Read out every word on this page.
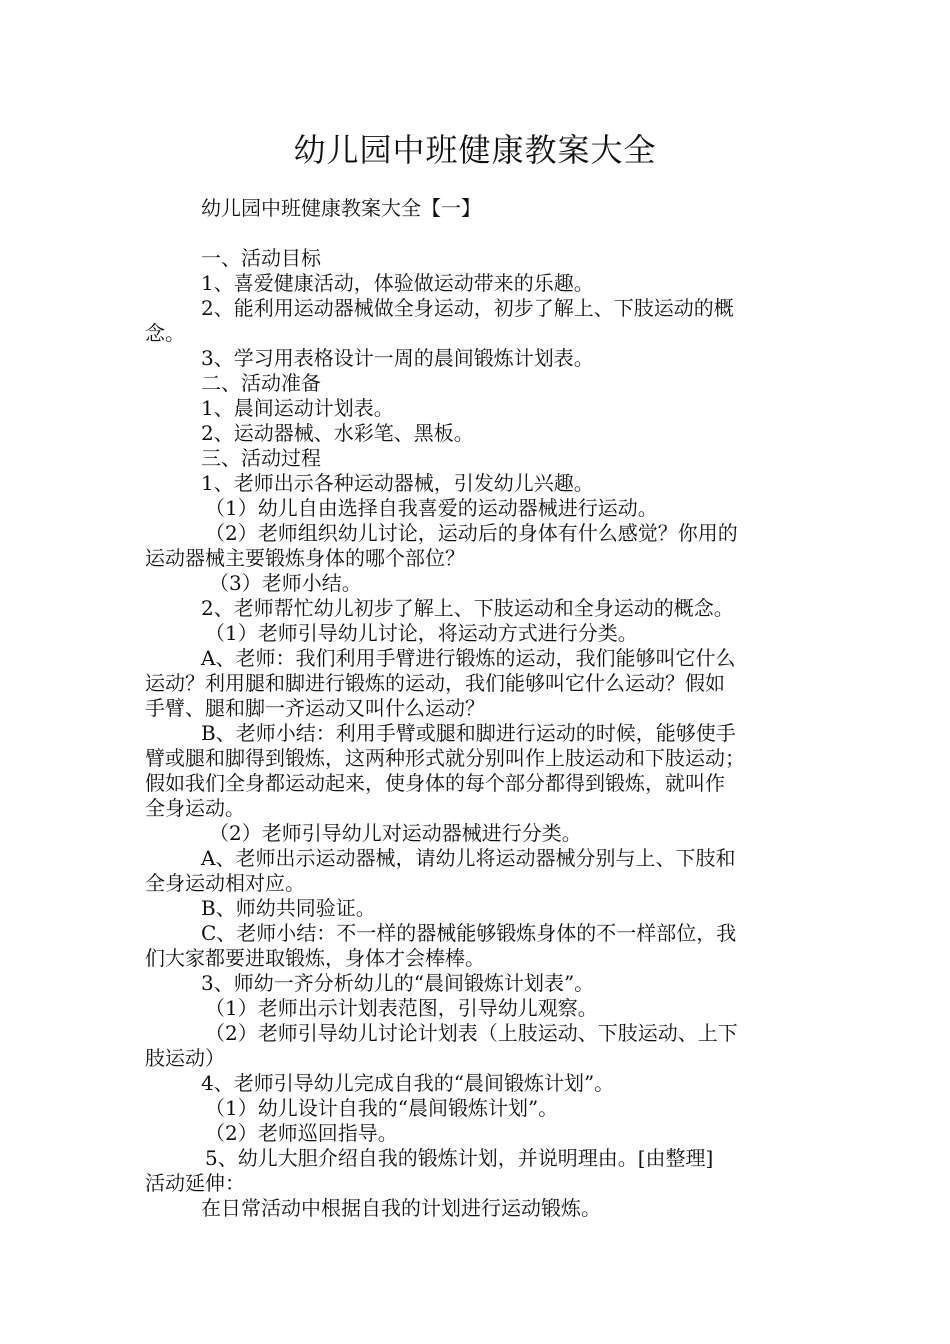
幼儿园中班健康教案大全

幼儿园中班健康教案大全【一】

一、活动目标

1、喜爱健康活动，体验做运动带来的乐趣。

2、能利用运动器械做全身运动，初步了解上、下肢运动的概

念。

3、学习用表格设计一周的晨间锻炼计划表。

二、活动准备

1、晨间运动计划表。

2、运动器械、水彩笔、黑板。

三、活动过程

1、老师出示各种运动器械，引发幼儿兴趣。

（1）幼儿自由选择自我喜爱的运动器械进行运动。

（2）老师组织幼儿讨论，运动后的身体有什么感觉？你用的

运动器械主要锻炼身体的哪个部位？

（3）老师小结。

2、老师帮忙幼儿初步了解上、下肢运动和全身运动的概念。

（1）老师引导幼儿讨论，将运动方式进行分类。

A、老师：我们利用手臂进行锻炼的运动，我们能够叫它什么

运动？利用腿和脚进行锻炼的运动，我们能够叫它什么运动？假如

手臂、腿和脚一齐运动又叫什么运动？

B、老师小结：利用手臂或腿和脚进行运动的时候，能够使手

臂或腿和脚得到锻炼，这两种形式就分别叫作上肢运动和下肢运动；

假如我们全身都运动起来，使身体的每个部分都得到锻炼，就叫作

全身运动。

（2）老师引导幼儿对运动器械进行分类。

A、老师出示运动器械，请幼儿将运动器械分别与上、下肢和

全身运动相对应。

B、师幼共同验证。

C、老师小结：不一样的器械能够锻炼身体的不一样部位，我

们大家都要进取锻炼，身体才会棒棒。

3、师幼一齐分析幼儿的“晨间锻炼计划表”。

（1）老师出示计划表范图，引导幼儿观察。

（2）老师引导幼儿讨论计划表（上肢运动、下肢运动、上下

肢运动）

4、老师引导幼儿完成自我的“晨间锻炼计划”。

（1）幼儿设计自我的“晨间锻炼计划”。

（2）老师巡回指导。

5、幼儿大胆介绍自我的锻炼计划，并说明理由。[由整理]

活动延伸：

在日常活动中根据自我的计划进行运动锻炼。
